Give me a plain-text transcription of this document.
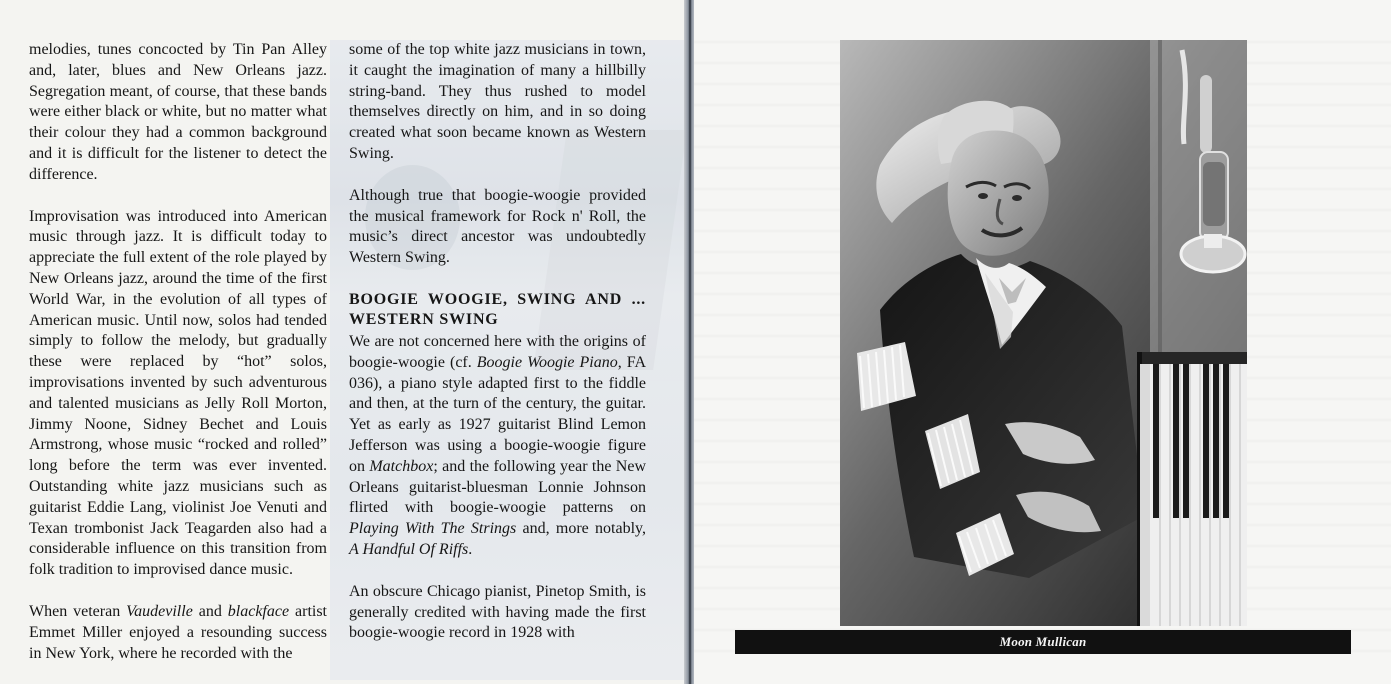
melodies, tunes concocted by Tin Pan Alley and, later, blues and New Orleans jazz. Segregation meant, of course, that these bands were either black or white, but no matter what their colour they had a common background and it is difficult for the listener to detect the difference.

Improvisation was introduced into American music through jazz. It is difficult today to appreciate the full extent of the role played by New Orleans jazz, around the time of the first World War, in the evolution of all types of American music. Until now, solos had tended simply to follow the melody, but gradually these were replaced by “hot” solos, improvisations invented by such adventurous and talented musicians as Jelly Roll Morton, Jimmy Noone, Sidney Bechet and Louis Armstrong, whose music “rocked and rolled” long before the term was ever invented. Outstanding white jazz musicians such as guitarist Eddie Lang, violinist Joe Venuti and Texan trombonist Jack Teagarden also had a considerable influence on this transition from folk tradition to improvised dance music.

When veteran Vaudeville and blackface artist Emmet Miller enjoyed a resounding success in New York, where he recorded with the

some of the top white jazz musicians in town, it caught the imagination of many a hillbilly string-band. They thus rushed to model themselves directly on him, and in so doing created what soon became known as Western Swing.

Although true that boogie-woogie provided the musical framework for Rock n' Roll, the music’s direct ancestor was undoubtedly Western Swing.

BOOGIE WOOGIE, SWING AND ... WESTERN SWING

We are not concerned here with the origins of boogie-woogie (cf. Boogie Woogie Piano, FA 036), a piano style adapted first to the fiddle and then, at the turn of the century, the guitar. Yet as early as 1927 guitarist Blind Lemon Jefferson was using a boogie-woogie figure on Matchbox; and the following year the New Orleans guitarist-bluesman Lonnie Johnson flirted with boogie-woogie patterns on Playing With The Strings and, more notably, A Handful Of Riffs.

An obscure Chicago pianist, Pinetop Smith, is generally credited with having made the first boogie-woogie record in 1928 with

Moon Mullican
